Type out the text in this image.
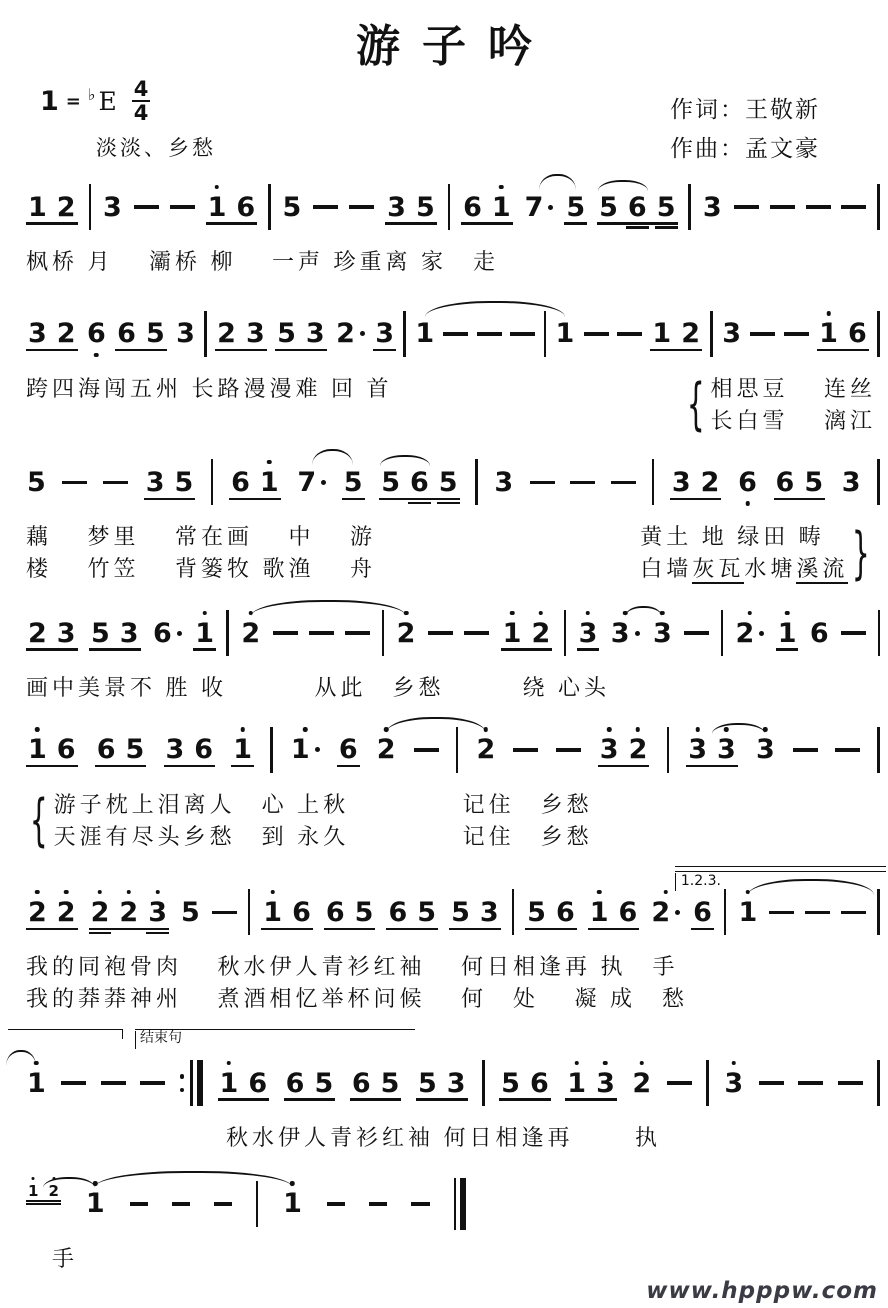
游子吟
1 = ♭ E $\frac{4}{4}$	作词：王敬新
淡淡、乡愁	作曲：孟文豪
1 2 3	1 6 5	3 5 6 1 7 5 5 6 5 3
枫桥 月　 灞桥 柳　 一声 珍重离 家　走
3 2 6 6 5 3 2 3 5 3 2 3 1	1	1 2 3	1 6
跨四海闯五州 长路漫漫难 回 首	{ 相思豆　 连丝
长白雪　 漓江
5	3 5 6 1 7 5 5 6 5 3	3 2 6 6 5 3
藕　 梦里　 常在画　 中　 游
楼　 竹笠　 背篓牧 歌渔　 舟
黄土 地 绿田 畴
白墙灰瓦水塘溪流 }
2 3 5 3 6 1 2	2	1 2 3 3 3 2 1 6
画中美景不 胜 收　　　 从此　乡愁　　　绕 心头
1 6 6 5 3 6 1 1 6 2	2	3 2 3 3 3
{ 游子枕上泪离人　心 上秋　　　　 记住　乡愁
天涯有尽头乡愁　到 永久　　　　 记住　乡愁
1.2.3.
2 2 2 2 3 5 1 6 6 5 6 5 5 3 5 6 1 6 2 6 1
我的同袍骨肉　 秋水伊人青衫红袖　 何日相逢再 执　手
我的莽莽神州　 煮酒相忆举杯问候　 何　处　 凝 成　愁
结束句
1	1 6 6 5 6 5 5 3 5 6 1 3 2	3
秋水伊人青衫红袖 何日相逢再　　 执
1 2 1	1
手
www.hpppw.com
